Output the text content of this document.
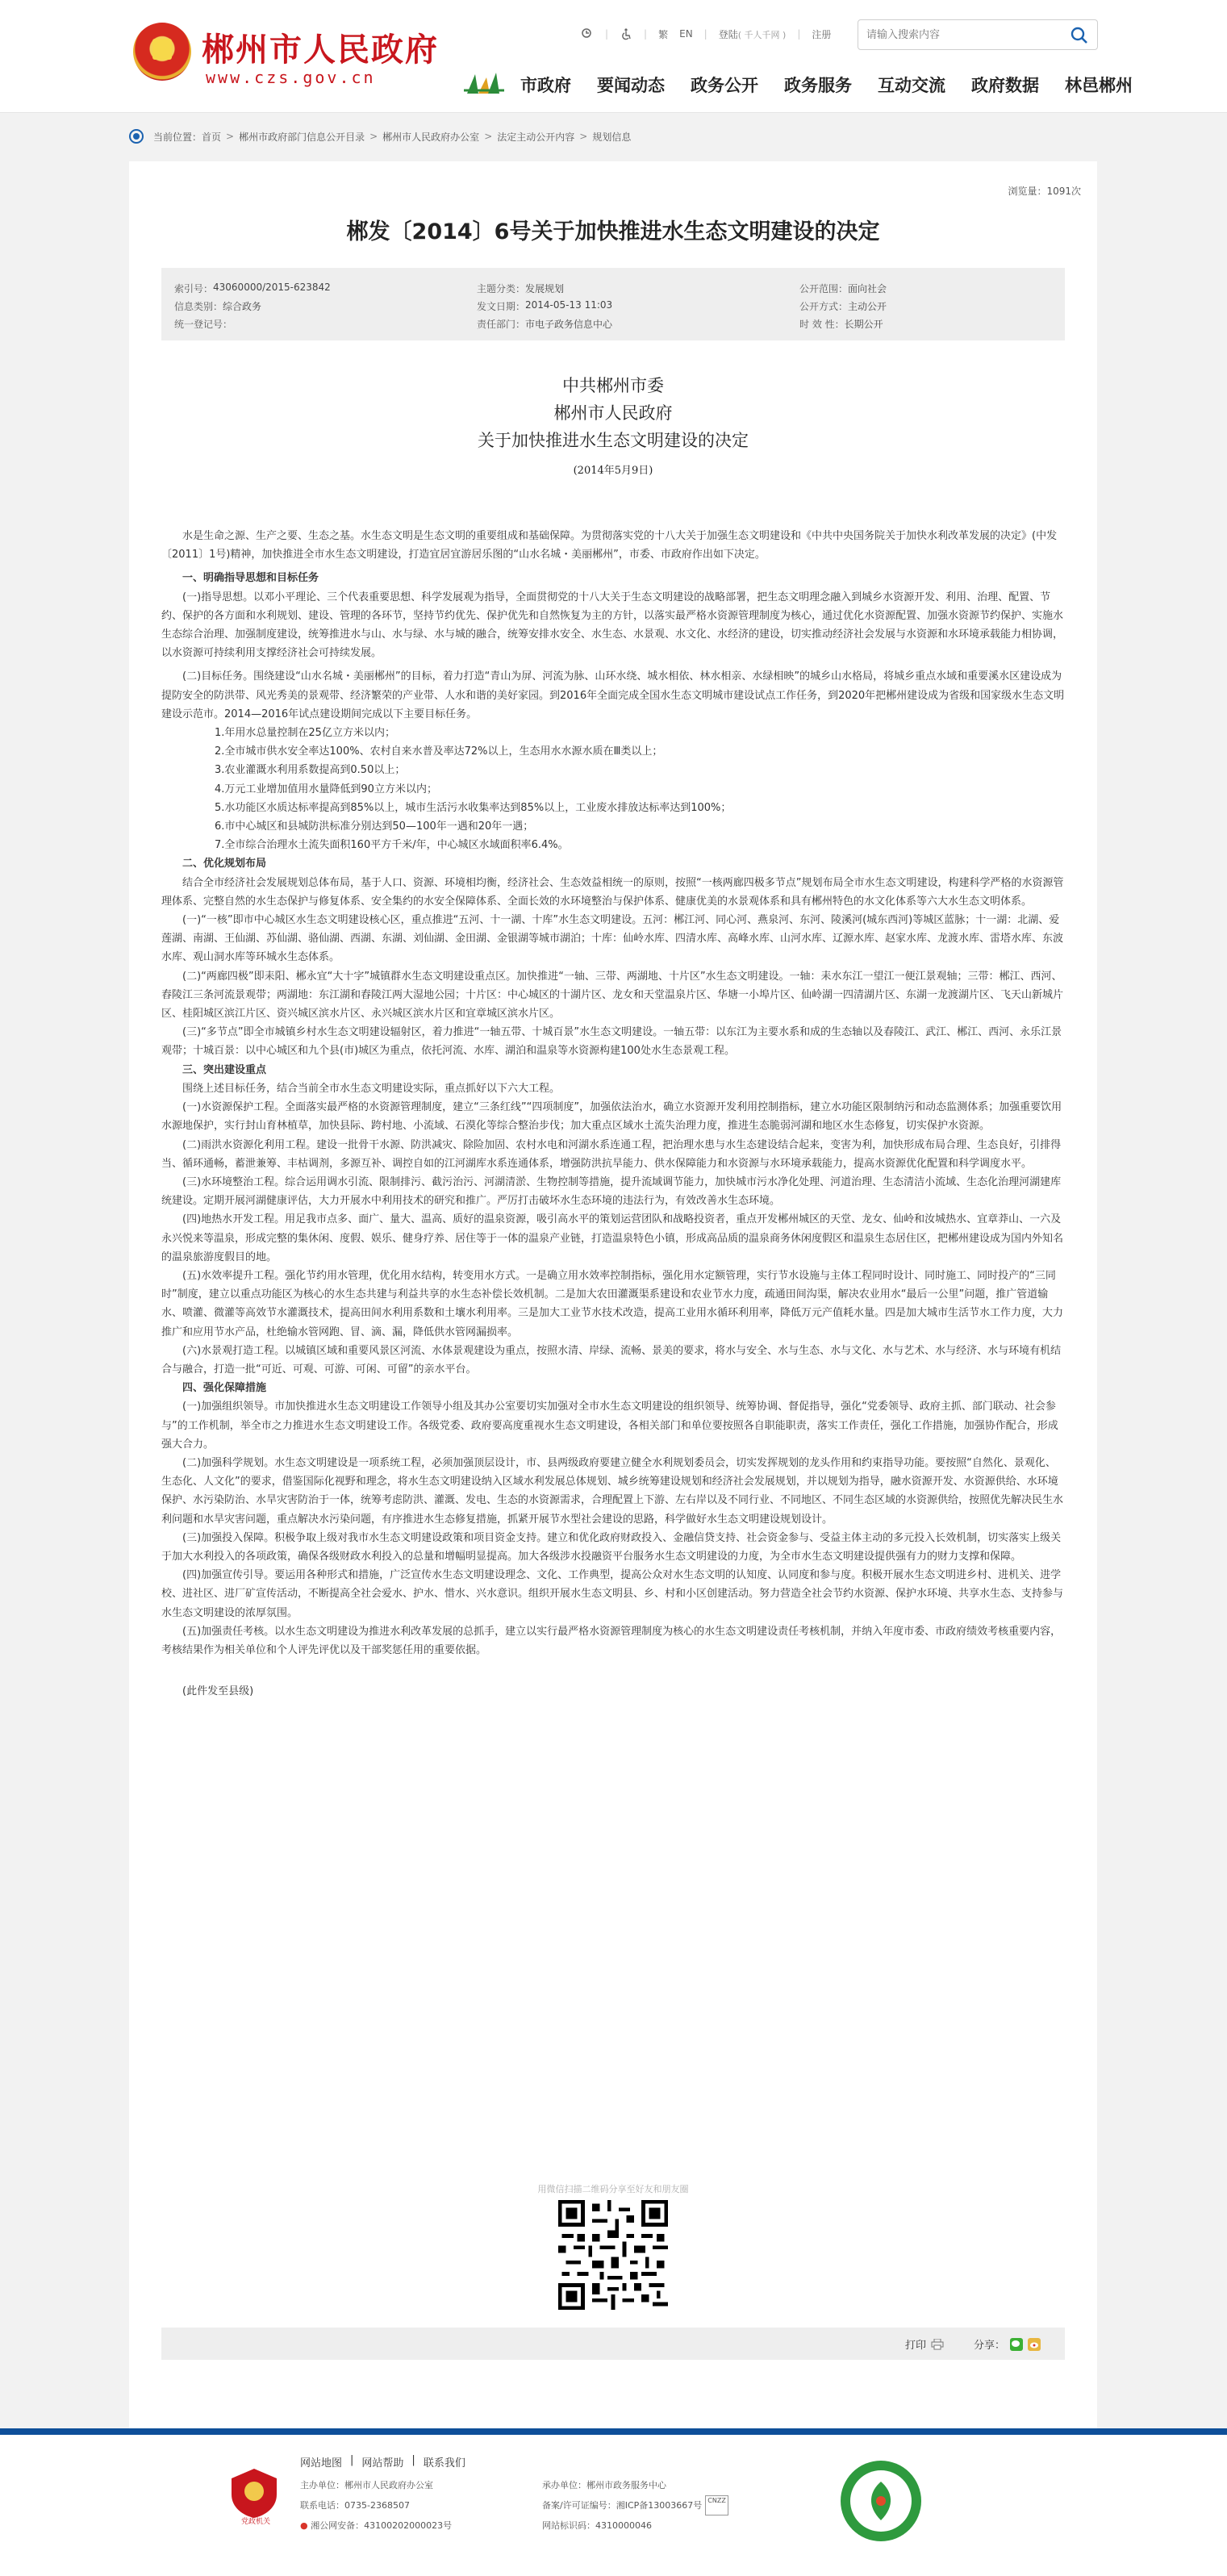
郴州市人民政府
www.czs.gov.cn
|	| 繁 EN | 登陆( 千人千网 ) | 注册
请输入搜索内容
市政府 要闻动态 政务公开 政务服务 互动交流 政府数据 林邑郴州
当前位置： 首页 > 郴州市政府部门信息公开目录 > 郴州市人民政府办公室 > 法定主动公开内容 > 规划信息
浏览量：1091次
郴发〔2014〕6号关于加快推进水生态文明建设的决定
索引号： 43060000/2015-623842	主题分类： 发展规划	公开范围： 面向社会
信息类别： 综合政务	发文日期： 2014-05-13 11:03	公开方式： 主动公开
统一登记号：	责任部门： 市电子政务信息中心	时 效 性： 长期公开
中共郴州市委
郴州市人民政府
关于加快推进水生态文明建设的决定
(2014年5月9日)

水是生命之源、生产之要、生态之基。水生态文明是生态文明的重要组成和基础保障。为贯彻落实党的十八大关于加强生态文明建设和《中共中央国务院关于加快水利改革发展的决定》(中发〔2011〕1号)精神，加快推进全市水生态文明建设，打造宜居宜游居乐图的“山水名城・美丽郴州”，市委、市政府作出如下决定。

一、明确指导思想和目标任务

(一)指导思想。以邓小平理论、三个代表重要思想、科学发展观为指导，全面贯彻党的十八大关于生态文明建设的战略部署，把生态文明理念融入到城乡水资源开发、利用、治理、配置、节约、保护的各方面和水利规划、建设、管理的各环节，坚持节约优先、保护优先和自然恢复为主的方针，以落实最严格水资源管理制度为核心，通过优化水资源配置、加强水资源节约保护、实施水生态综合治理、加强制度建设，统筹推进水与山、水与绿、水与城的融合，统筹安排水安全、水生态、水景观、水文化、水经济的建设，切实推动经济社会发展与水资源和水环境承载能力相协调，以水资源可持续利用支撑经济社会可持续发展。

(二)目标任务。围绕建设“山水名城・美丽郴州”的目标，着力打造“青山为屏、河流为脉、山环水绕、城水相依、林水相亲、水绿相映”的城乡山水格局，将城乡重点水域和重要溪水区建设成为提防安全的防洪带、风光秀美的景观带、经济繁荣的产业带、人水和谐的美好家园。到2016年全面完成全国水生态文明城市建设试点工作任务，到2020年把郴州建设成为省级和国家级水生态文明建设示范市。2014—2016年试点建设期间完成以下主要目标任务。

1.年用水总量控制在25亿立方米以内；

2.全市城市供水安全率达100%、农村自来水普及率达72%以上，生态用水水源水质在Ⅲ类以上；

3.农业灌溉水利用系数提高到0.50以上；

4.万元工业增加值用水量降低到90立方米以内；

5.水功能区水质达标率提高到85%以上，城市生活污水收集率达到85%以上，工业废水排放达标率达到100%；

6.市中心城区和县城防洪标准分别达到50—100年一遇和20年一遇；

7.全市综合治理水土流失面积160平方千米/年，中心城区水域面积率6.4%。

二、优化规划布局

结合全市经济社会发展规划总体布局，基于人口、资源、环境相均衡，经济社会、生态效益相统一的原则，按照“一核两廊四极多节点”规划布局全市水生态文明建设，构建科学严格的水资源管理体系、完整自然的水生态保护与修复体系、安全集约的水安全保障体系、全面长效的水环境整治与保护体系、健康优美的水景观体系和具有郴州特色的水文化体系等六大水生态文明体系。

(一)“一核”即市中心城区水生态文明建设核心区，重点推进“五河、十一湖、十库”水生态文明建设。五河：郴江河、同心河、燕泉河、东河、陵溪河(城东西河)等城区蓝脉；十一湖：北湖、爱莲湖、南湖、王仙湖、苏仙湖、骆仙湖、西湖、东湖、刘仙湖、金田湖、金银湖等城市湖泊；十库：仙岭水库、四清水库、高峰水库、山河水库、辽源水库、赵家水库、龙渡水库、雷塔水库、东波水库、观山洞水库等环城水生态体系。

(二)“两廊四极”即耒阳、郴永宜“大十字”城镇群水生态文明建设重点区。加快推进“一轴、三带、两湖地、十片区”水生态文明建设。一轴：耒水东江一望江一便江景观轴；三带：郴江、西河、舂陵江三条河流景观带；两湖地：东江湖和舂陵江两大湿地公园；十片区：中心城区的十湖片区、龙女和天堂温泉片区、华塘一小埠片区、仙岭湖一四清湖片区、东湖一龙渡湖片区、飞天山新城片区、桂阳城区滨江片区、资兴城区滨水片区、永兴城区滨水片区和宜章城区滨水片区。

(三)“多节点”即全市城镇乡村水生态文明建设辐射区，着力推进“一轴五带、十城百景”水生态文明建设。一轴五带：以东江为主要水系和成的生态轴以及春陵江、武江、郴江、西河、永乐江景观带；十城百景：以中心城区和九个县(市)城区为重点，依托河流、水库、湖泊和温泉等水资源构建100处水生态景观工程。

三、突出建设重点

围绕上述目标任务，结合当前全市水生态文明建设实际，重点抓好以下六大工程。

(一)水资源保护工程。全面落实最严格的水资源管理制度，建立“三条红线”“四项制度”，加强依法治水，确立水资源开发利用控制指标，建立水功能区限制纳污和动态监测体系；加强重要饮用水源地保护，实行封山育林植草，加快县际、跨村地、小流域、石漠化等综合整治步伐；加大重点区域水土流失治理力度，推进生态脆弱河湖和地区水生态修复，切实保护水资源。

(二)雨洪水资源化利用工程。建设一批骨干水源、防洪减灾、除险加固、农村水电和河湖水系连通工程，把治理水患与水生态建设结合起来，变害为利，加快形成布局合理、生态良好，引排得当、循环通畅，蓄泄兼筹、丰枯调剂，多源互补、调控自如的江河湖库水系连通体系，增强防洪抗旱能力、供水保障能力和水资源与水环境承载能力，提高水资源优化配置和科学调度水平。

(三)水环境整治工程。综合运用调水引流、限制排污、截污治污、河湖清淤、生物控制等措施，提升流域调节能力，加快城市污水净化处理、河道治理、生态清洁小流域、生态化治理河湖建库统建设。定期开展河湖健康评估，大力开展水中利用技术的研究和推广。严厉打击破坏水生态环境的违法行为，有效改善水生态环境。

(四)地热水开发工程。用足我市点多、面广、量大、温高、质好的温泉资源，吸引高水平的策划运营团队和战略投资者，重点开发郴州城区的天堂、龙女、仙岭和汝城热水、宜章莽山、一六及永兴悦来等温泉，形成完整的集休闲、度假、娱乐、健身疗养、居住等于一体的温泉产业链，打造温泉特色小镇，形成高品质的温泉商务休闲度假区和温泉生态居住区，把郴州建设成为国内外知名的温泉旅游度假目的地。

(五)水效率提升工程。强化节约用水管理，优化用水结构，转变用水方式。一是确立用水效率控制指标，强化用水定额管理，实行节水设施与主体工程同时设计、同时施工、同时投产的“三同时”制度，建立以重点功能区为核心的水生态共建与利益共享的水生态补偿长效机制。二是加大农田灌溉渠系建设和农业节水力度，疏通田间沟渠，解决农业用水“最后一公里”问题，推广管道输水、喷灌、微灌等高效节水灌溉技术，提高田间水利用系数和土壤水利用率。三是加大工业节水技术改造，提高工业用水循环利用率，降低万元产值耗水量。四是加大城市生活节水工作力度，大力推广和应用节水产品，杜绝输水管网跑、冒、滴、漏，降低供水管网漏损率。

(六)水景观打造工程。以城镇区域和重要风景区河流、水体景观建设为重点，按照水清、岸绿、流畅、景美的要求，将水与安全、水与生态、水与文化、水与艺术、水与经济、水与环境有机结合与融合，打造一批“可近、可观、可游、可闲、可留”的亲水平台。

四、强化保障措施

(一)加强组织领导。市加快推进水生态文明建设工作领导小组及其办公室要切实加强对全市水生态文明建设的组织领导、统筹协调、督促指导，强化“党委领导、政府主抓、部门联动、社会参与”的工作机制，举全市之力推进水生态文明建设工作。各级党委、政府要高度重视水生态文明建设，各相关部门和单位要按照各自职能职责，落实工作责任，强化工作措施，加强协作配合，形成强大合力。

(二)加强科学规划。水生态文明建设是一项系统工程，必须加强顶层设计，市、县两级政府要建立健全水利规划委员会，切实发挥规划的龙头作用和约束指导功能。要按照“自然化、景观化、生态化、人文化”的要求，借鉴国际化视野和理念，将水生态文明建设纳入区域水利发展总体规划、城乡统筹建设规划和经济社会发展规划，并以规划为指导，融水资源开发、水资源供给、水环境保护、水污染防治、水旱灾害防治于一体，统筹考虑防洪、灌溉、发电、生态的水资源需求，合理配置上下游、左右岸以及不同行业、不同地区、不同生态区域的水资源供给，按照优先解决民生水利问题和水旱灾害问题，重点解决水污染问题，有序推进水生态修复措施，抓紧开展节水型社会建设的思路，科学做好水生态文明建设规划设计。

(三)加强投入保障。积极争取上级对我市水生态文明建设政策和项目资金支持。建立和优化政府财政投入、金融信贷支持、社会资金参与、受益主体主动的多元投入长效机制，切实落实上级关于加大水利投入的各项政策，确保各级财政水利投入的总量和增幅明显提高。加大各级涉水投融资平台服务水生态文明建设的力度，为全市水生态文明建设提供强有力的财力支撑和保障。

(四)加强宣传引导。要运用各种形式和措施，广泛宣传水生态文明建设理念、文化、工作典型，提高公众对水生态文明的认知度、认同度和参与度。积极开展水生态文明进乡村、进机关、进学校、进社区、进厂矿宣传活动，不断提高全社会爱水、护水、惜水、兴水意识。组织开展水生态文明县、乡、村和小区创建活动。努力营造全社会节约水资源、保护水环境、共享水生态、支持参与水生态文明建设的浓厚氛围。

(五)加强责任考核。以水生态文明建设为推进水利改革发展的总抓手，建立以实行最严格水资源管理制度为核心的水生态文明建设责任考核机制，并纳入年度市委、市政府绩效考核重要内容，考核结果作为相关单位和个人评先评优以及干部奖惩任用的重要依据。

(此件发至县级)

用微信扫描二维码分享至好友和朋友圈
打印	分享：
党政机关
网站地图 | 网站帮助 | 联系我们
主办单位：郴州市人民政府办公室	承办单位：郴州市政务服务中心
联系电话：0735-2368507	备案/许可证编号：湘ICP备13003667号 CNZZ
● 湘公网安备：43100202000023号	网站标识码：4310000046
